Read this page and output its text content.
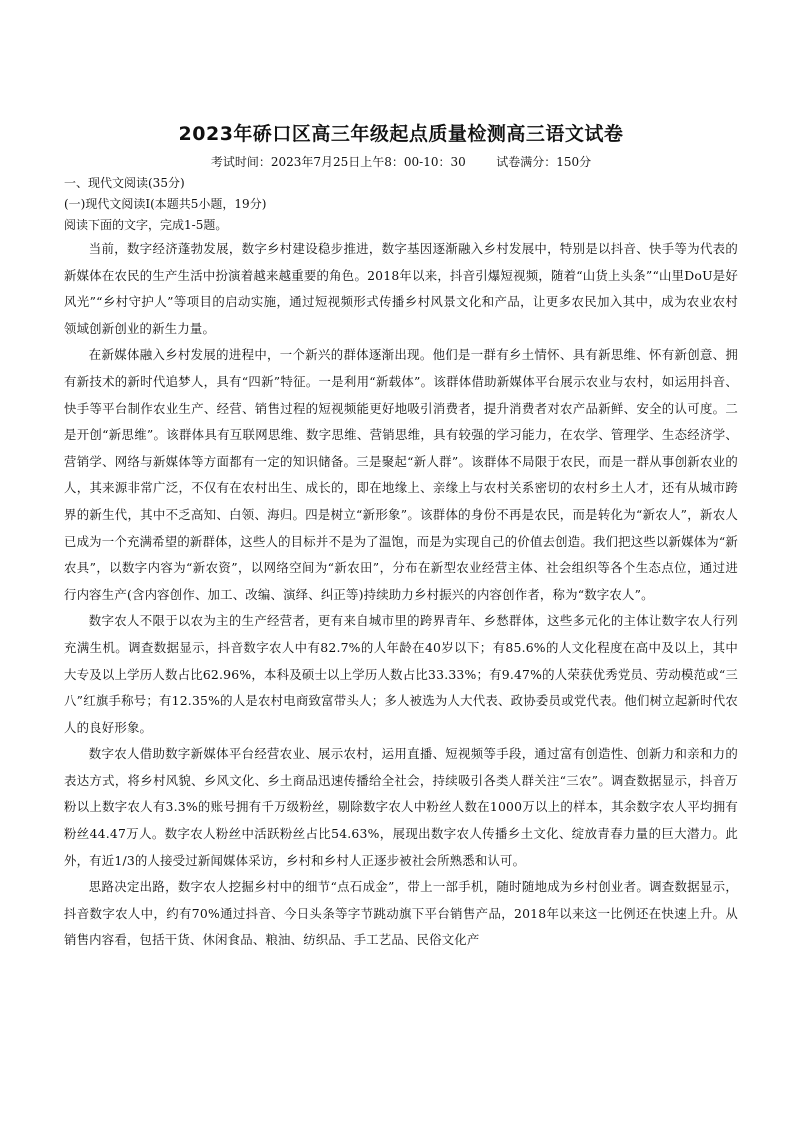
2023年硚口区高三年级起点质量检测高三语文试卷
考试时间：2023年7月25日上午8：00-10：30        试卷满分：150分
一、现代文阅读(35分)
(一)现代文阅读Ⅰ(本题共5小题，19分)
阅读下面的文字，完成1-5题。

当前，数字经济蓬勃发展，数字乡村建设稳步推进，数字基因逐渐融入乡村发展中，特别是以抖音、快手等为代表的新媒体在农民的生产生活中扮演着越来越重要的角色。2018年以来，抖音引爆短视频，随着“山货上头条”“山里DoU是好风光”“乡村守护人”等项目的启动实施，通过短视频形式传播乡村风景文化和产品，让更多农民加入其中，成为农业农村领域创新创业的新生力量。

在新媒体融入乡村发展的进程中，一个新兴的群体逐渐出现。他们是一群有乡土情怀、具有新思维、怀有新创意、拥有新技术的新时代追梦人，具有“四新”特征。一是利用“新载体”。该群体借助新媒体平台展示农业与农村，如运用抖音、快手等平台制作农业生产、经营、销售过程的短视频能更好地吸引消费者，提升消费者对农产品新鲜、安全的认可度。二是开创“新思维”。该群体具有互联网思维、数字思维、营销思维，具有较强的学习能力，在农学、管理学、生态经济学、营销学、网络与新媒体等方面都有一定的知识储备。三是聚起“新人群”。该群体不局限于农民，而是一群从事创新农业的人，其来源非常广泛，不仅有在农村出生、成长的，即在地缘上、亲缘上与农村关系密切的农村乡土人才，还有从城市跨界的新生代，其中不乏高知、白领、海归。四是树立“新形象”。该群体的身份不再是农民，而是转化为“新农人”，新农人已成为一个充满希望的新群体，这些人的目标并不是为了温饱，而是为实现自己的价值去创造。我们把这些以新媒体为“新农具”，以数字内容为“新农资”，以网络空间为“新农田”，分布在新型农业经营主体、社会组织等各个生态点位，通过进行内容生产(含内容创作、加工、改编、演绎、纠正等)持续助力乡村振兴的内容创作者，称为“数字农人”。

数字农人不限于以农为主的生产经营者，更有来自城市里的跨界青年、乡愁群体，这些多元化的主体让数字农人行列充满生机。调查数据显示，抖音数字农人中有82.7%的人年龄在40岁以下；有85.6%的人文化程度在高中及以上，其中大专及以上学历人数占比62.96%，本科及硕士以上学历人数占比33.33%；有9.47%的人荣获优秀党员、劳动模范或“三八”红旗手称号；有12.35%的人是农村电商致富带头人；多人被选为人大代表、政协委员或党代表。他们树立起新时代农人的良好形象。

数字农人借助数字新媒体平台经营农业、展示农村，运用直播、短视频等手段，通过富有创造性、创新力和亲和力的表达方式，将乡村风貌、乡风文化、乡土商品迅速传播给全社会，持续吸引各类人群关注“三农”。调查数据显示，抖音万粉以上数字农人有3.3%的账号拥有千万级粉丝，剔除数字农人中粉丝人数在1000万以上的样本，其余数字农人平均拥有粉丝44.47万人。数字农人粉丝中活跃粉丝占比54.63%，展现出数字农人传播乡土文化、绽放青春力量的巨大潜力。此外，有近1/3的人接受过新闻媒体采访，乡村和乡村人正逐步被社会所熟悉和认可。

思路决定出路，数字农人挖掘乡村中的细节“点石成金”，带上一部手机，随时随地成为乡村创业者。调查数据显示，抖音数字农人中，约有70%通过抖音、今日头条等字节跳动旗下平台销售产品，2018年以来这一比例还在快速上升。从销售内容看，包括干货、休闲食品、粮油、纺织品、手工艺品、民俗文化产
